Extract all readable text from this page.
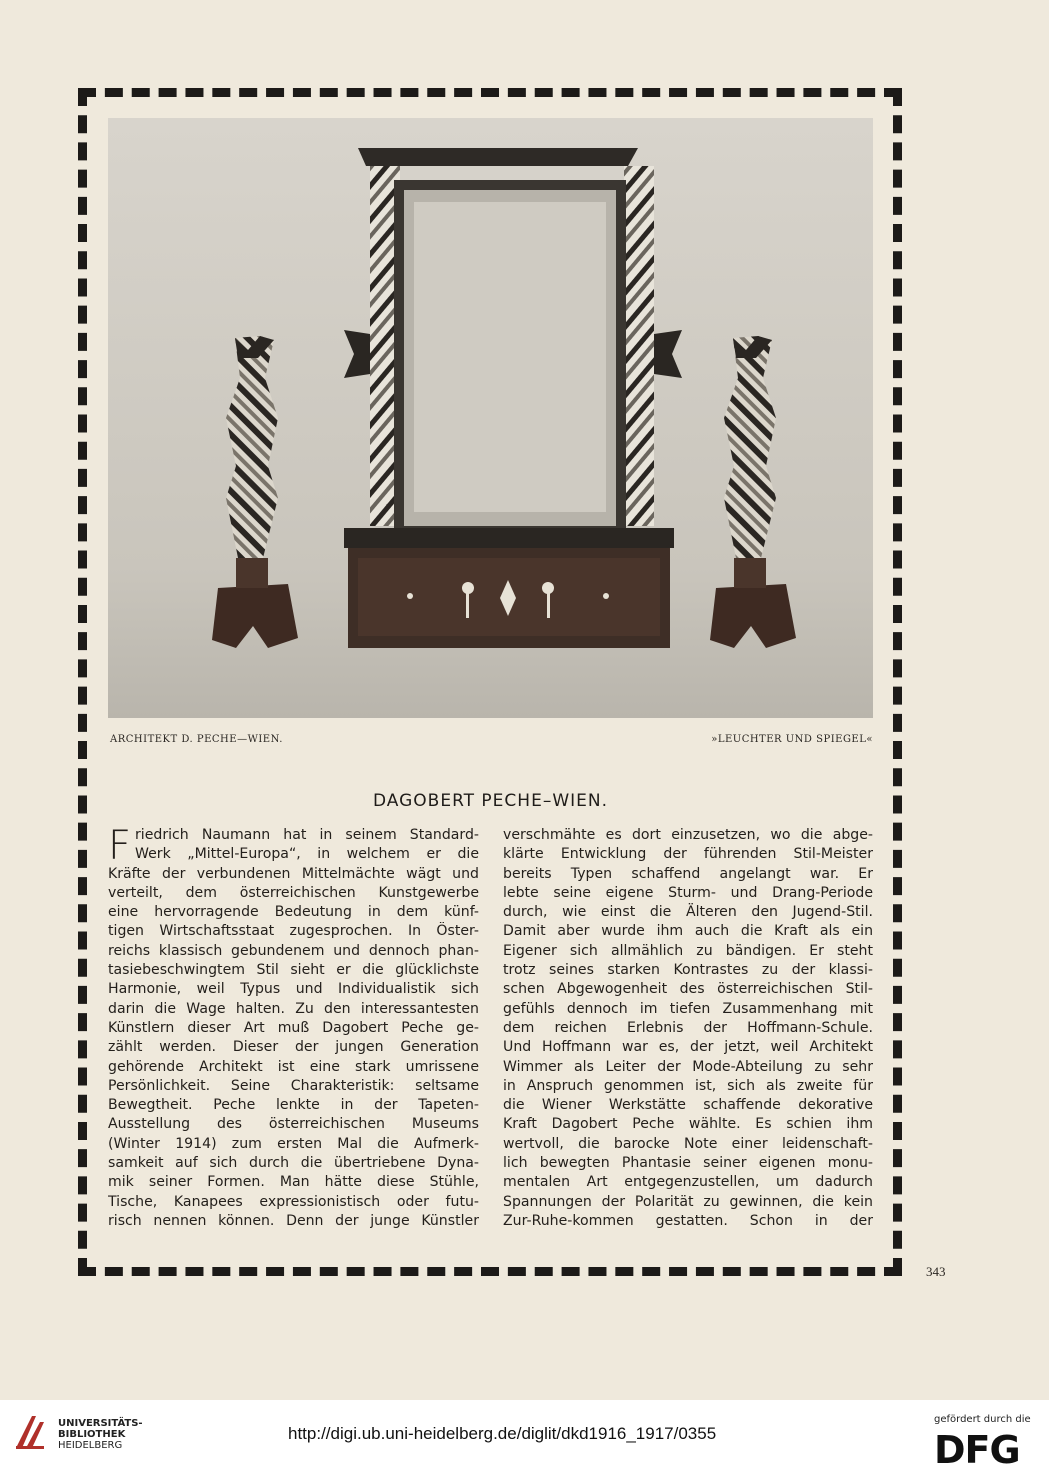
ARCHITEKT D. PECHE—WIEN.	»LEUCHTER UND SPIEGEL«
DAGOBERT PECHE–WIEN.
F riedrich Naumann hat in seinem Standard-
Werk „Mittel-Europa“, in welchem er die
Kräfte der verbundenen Mittelmächte wägt und
verteilt, dem österreichischen Kunstgewerbe
eine hervorragende Bedeutung in dem künf-
tigen Wirtschaftsstaat zugesprochen. In Öster-
reichs klassisch gebundenem und dennoch phan-
tasiebeschwingtem Stil sieht er die glücklichste
Harmonie, weil Typus und Individualistik sich
darin die Wage halten. Zu den interessantesten
Künstlern dieser Art muß Dagobert Peche ge-
zählt werden. Dieser der jungen Generation
gehörende Architekt ist eine stark umrissene
Persönlichkeit. Seine Charakteristik: seltsame
Bewegtheit. Peche lenkte in der Tapeten-
Ausstellung des österreichischen Museums
(Winter 1914) zum ersten Mal die Aufmerk-
samkeit auf sich durch die übertriebene Dyna-
mik seiner Formen. Man hätte diese Stühle,
Tische, Kanapees expressionistisch oder futu-
risch nennen können. Denn der junge Künstler
verschmähte es dort einzusetzen, wo die abge-
klärte Entwicklung der führenden Stil-Meister
bereits Typen schaffend angelangt war. Er
lebte seine eigene Sturm- und Drang-Periode
durch, wie einst die Älteren den Jugend-Stil.
Damit aber wurde ihm auch die Kraft als ein
Eigener sich allmählich zu bändigen. Er steht
trotz seines starken Kontrastes zu der klassi-
schen Abgewogenheit des österreichischen Stil-
gefühls dennoch im tiefen Zusammenhang mit
dem reichen Erlebnis der Hoffmann-Schule.
Und Hoffmann war es, der jetzt, weil Architekt
Wimmer als Leiter der Mode-Abteilung zu sehr
in Anspruch genommen ist, sich als zweite für
die Wiener Werkstätte schaffende dekorative
Kraft Dagobert Peche wählte. Es schien ihm
wertvoll, die barocke Note einer leidenschaft-
lich bewegten Phantasie seiner eigenen monu-
mentalen Art entgegenzustellen, um dadurch
Spannungen der Polarität zu gewinnen, die kein
Zur-Ruhe-kommen gestatten. Schon in der
343
UNIVERSITÄTS-
BIBLIOTHEK
HEIDELBERG
http://digi.ub.uni-heidelberg.de/diglit/dkd1916_1917/0355
gefördert durch die
DFG
